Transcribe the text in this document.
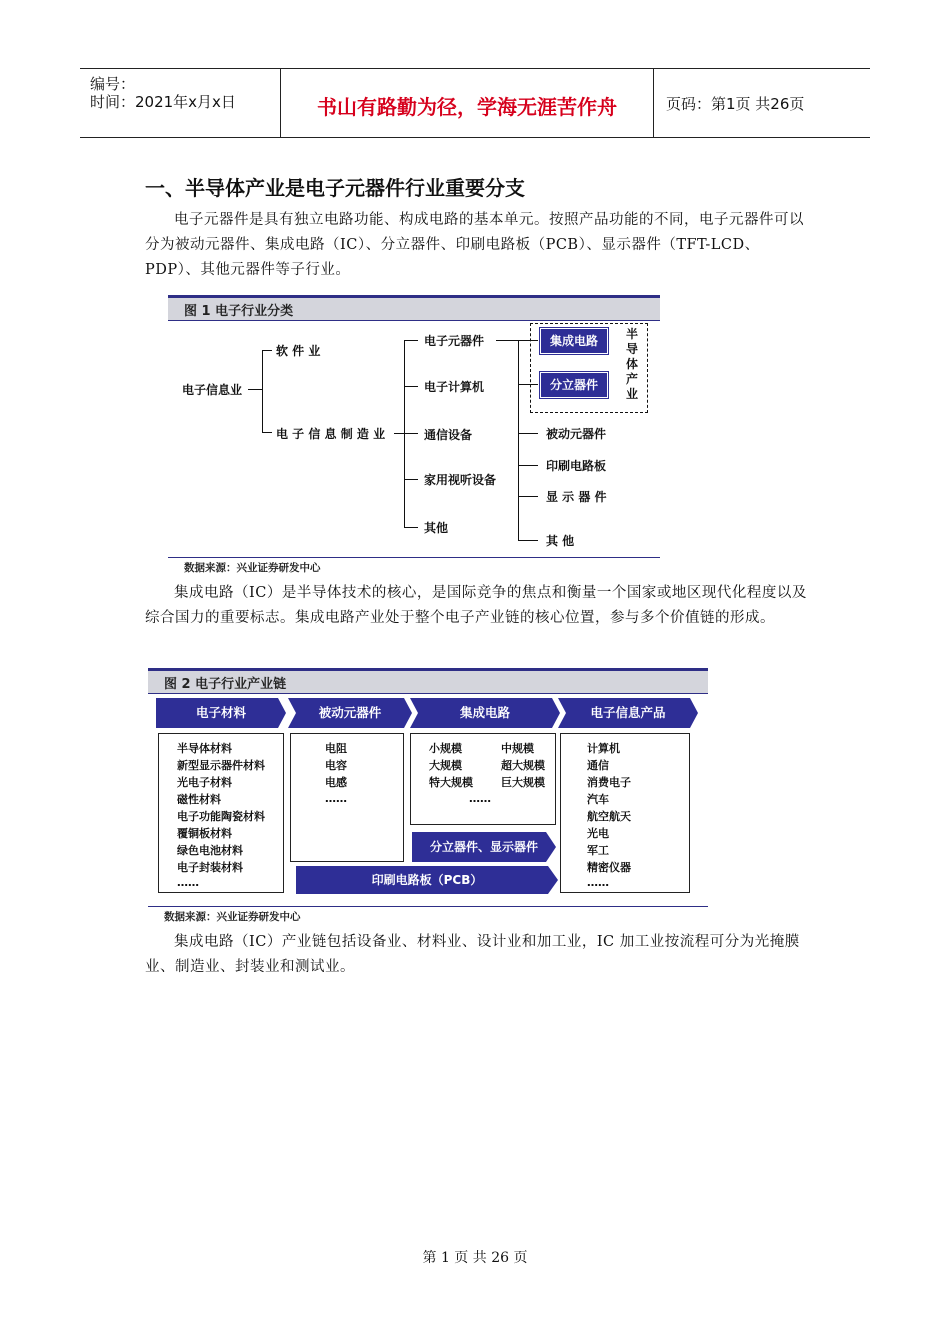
编号：
时间：2021年x月x日	书山有路勤为径，学海无涯苦作舟	页码：第1页 共26页
一、半导体产业是电子元器件行业重要分支
电子元器件是具有独立电路功能、构成电路的基本单元。按照产品功能的不同，电子元器件可以分为被动元器件、集成电路（IC）、分立器件、印刷电路板（PCB）、显示器件（TFT-LCD、PDP）、其他元器件等子行业。
图 1 电子行业分类
电子信息业
软 件 业
电 子 信 息 制 造 业
电子元器件
电子计算机
通信设备
家用视听设备
其他
集成电路
分立器件
半导体产业
被动元器件
印刷电路板
显 示 器 件
其 他
数据来源：兴业证券研发中心
集成电路（IC）是半导体技术的核心，是国际竞争的焦点和衡量一个国家或地区现代化程度以及综合国力的重要标志。集成电路产业处于整个电子产业链的核心位置，参与多个价值链的形成。
图 2 电子行业产业链
电子材料	被动元器件	集成电路	电子信息产品
半导体材料
新型显示器件材料
光电子材料
磁性材料
电子功能陶瓷材料
覆铜板材料
绿色电池材料
电子封装材料
……
电阻
电容
电感
……
小规模
大规模
特大规模
中规模
超大规模
巨大规模
……
分立器件、显示器件
印刷电路板（PCB）
计算机
通信
消费电子
汽车
航空航天
光电
军工
精密仪器
……
数据来源：兴业证券研发中心
集成电路（IC）产业链包括设备业、材料业、设计业和加工业，IC 加工业按流程可分为光掩膜业、制造业、封装业和测试业。
第 1 页 共 26 页
